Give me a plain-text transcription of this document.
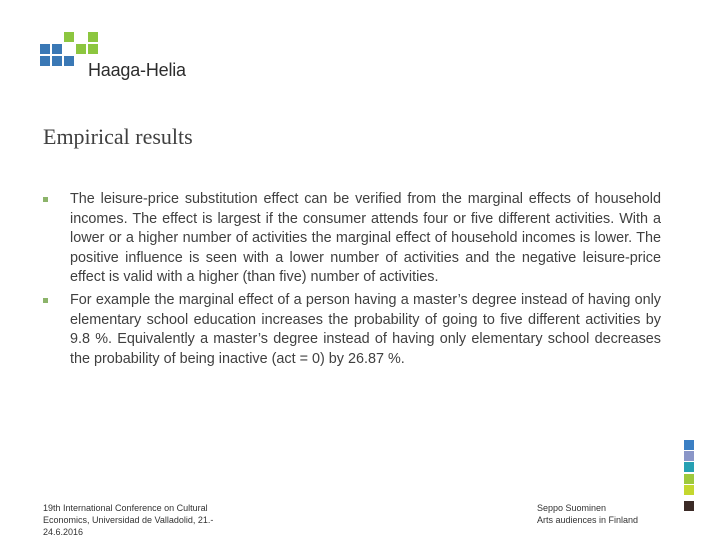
Haaga-Helia
Empirical results
The leisure-price substitution effect can be verified from the marginal effects of household incomes. The effect is largest if the consumer attends four or five different activities. With a lower or a higher number of activities the marginal effect of household incomes is lower. The positive influence is seen with a lower number of activities and the negative leisure-price effect is valid with a higher (than five) number of activities.
For example the marginal effect of a person having a master’s degree instead of having only elementary school education increases the probability of going to five different activities by 9.8 %. Equivalently a master’s degree instead of having only elementary school decreases the probability of being inactive (act = 0) by 26.87 %.
19th International Conference on Cultural
Economics, Universidad de Valladolid, 21.-
24.6.2016
Seppo Suominen
Arts audiences in Finland
